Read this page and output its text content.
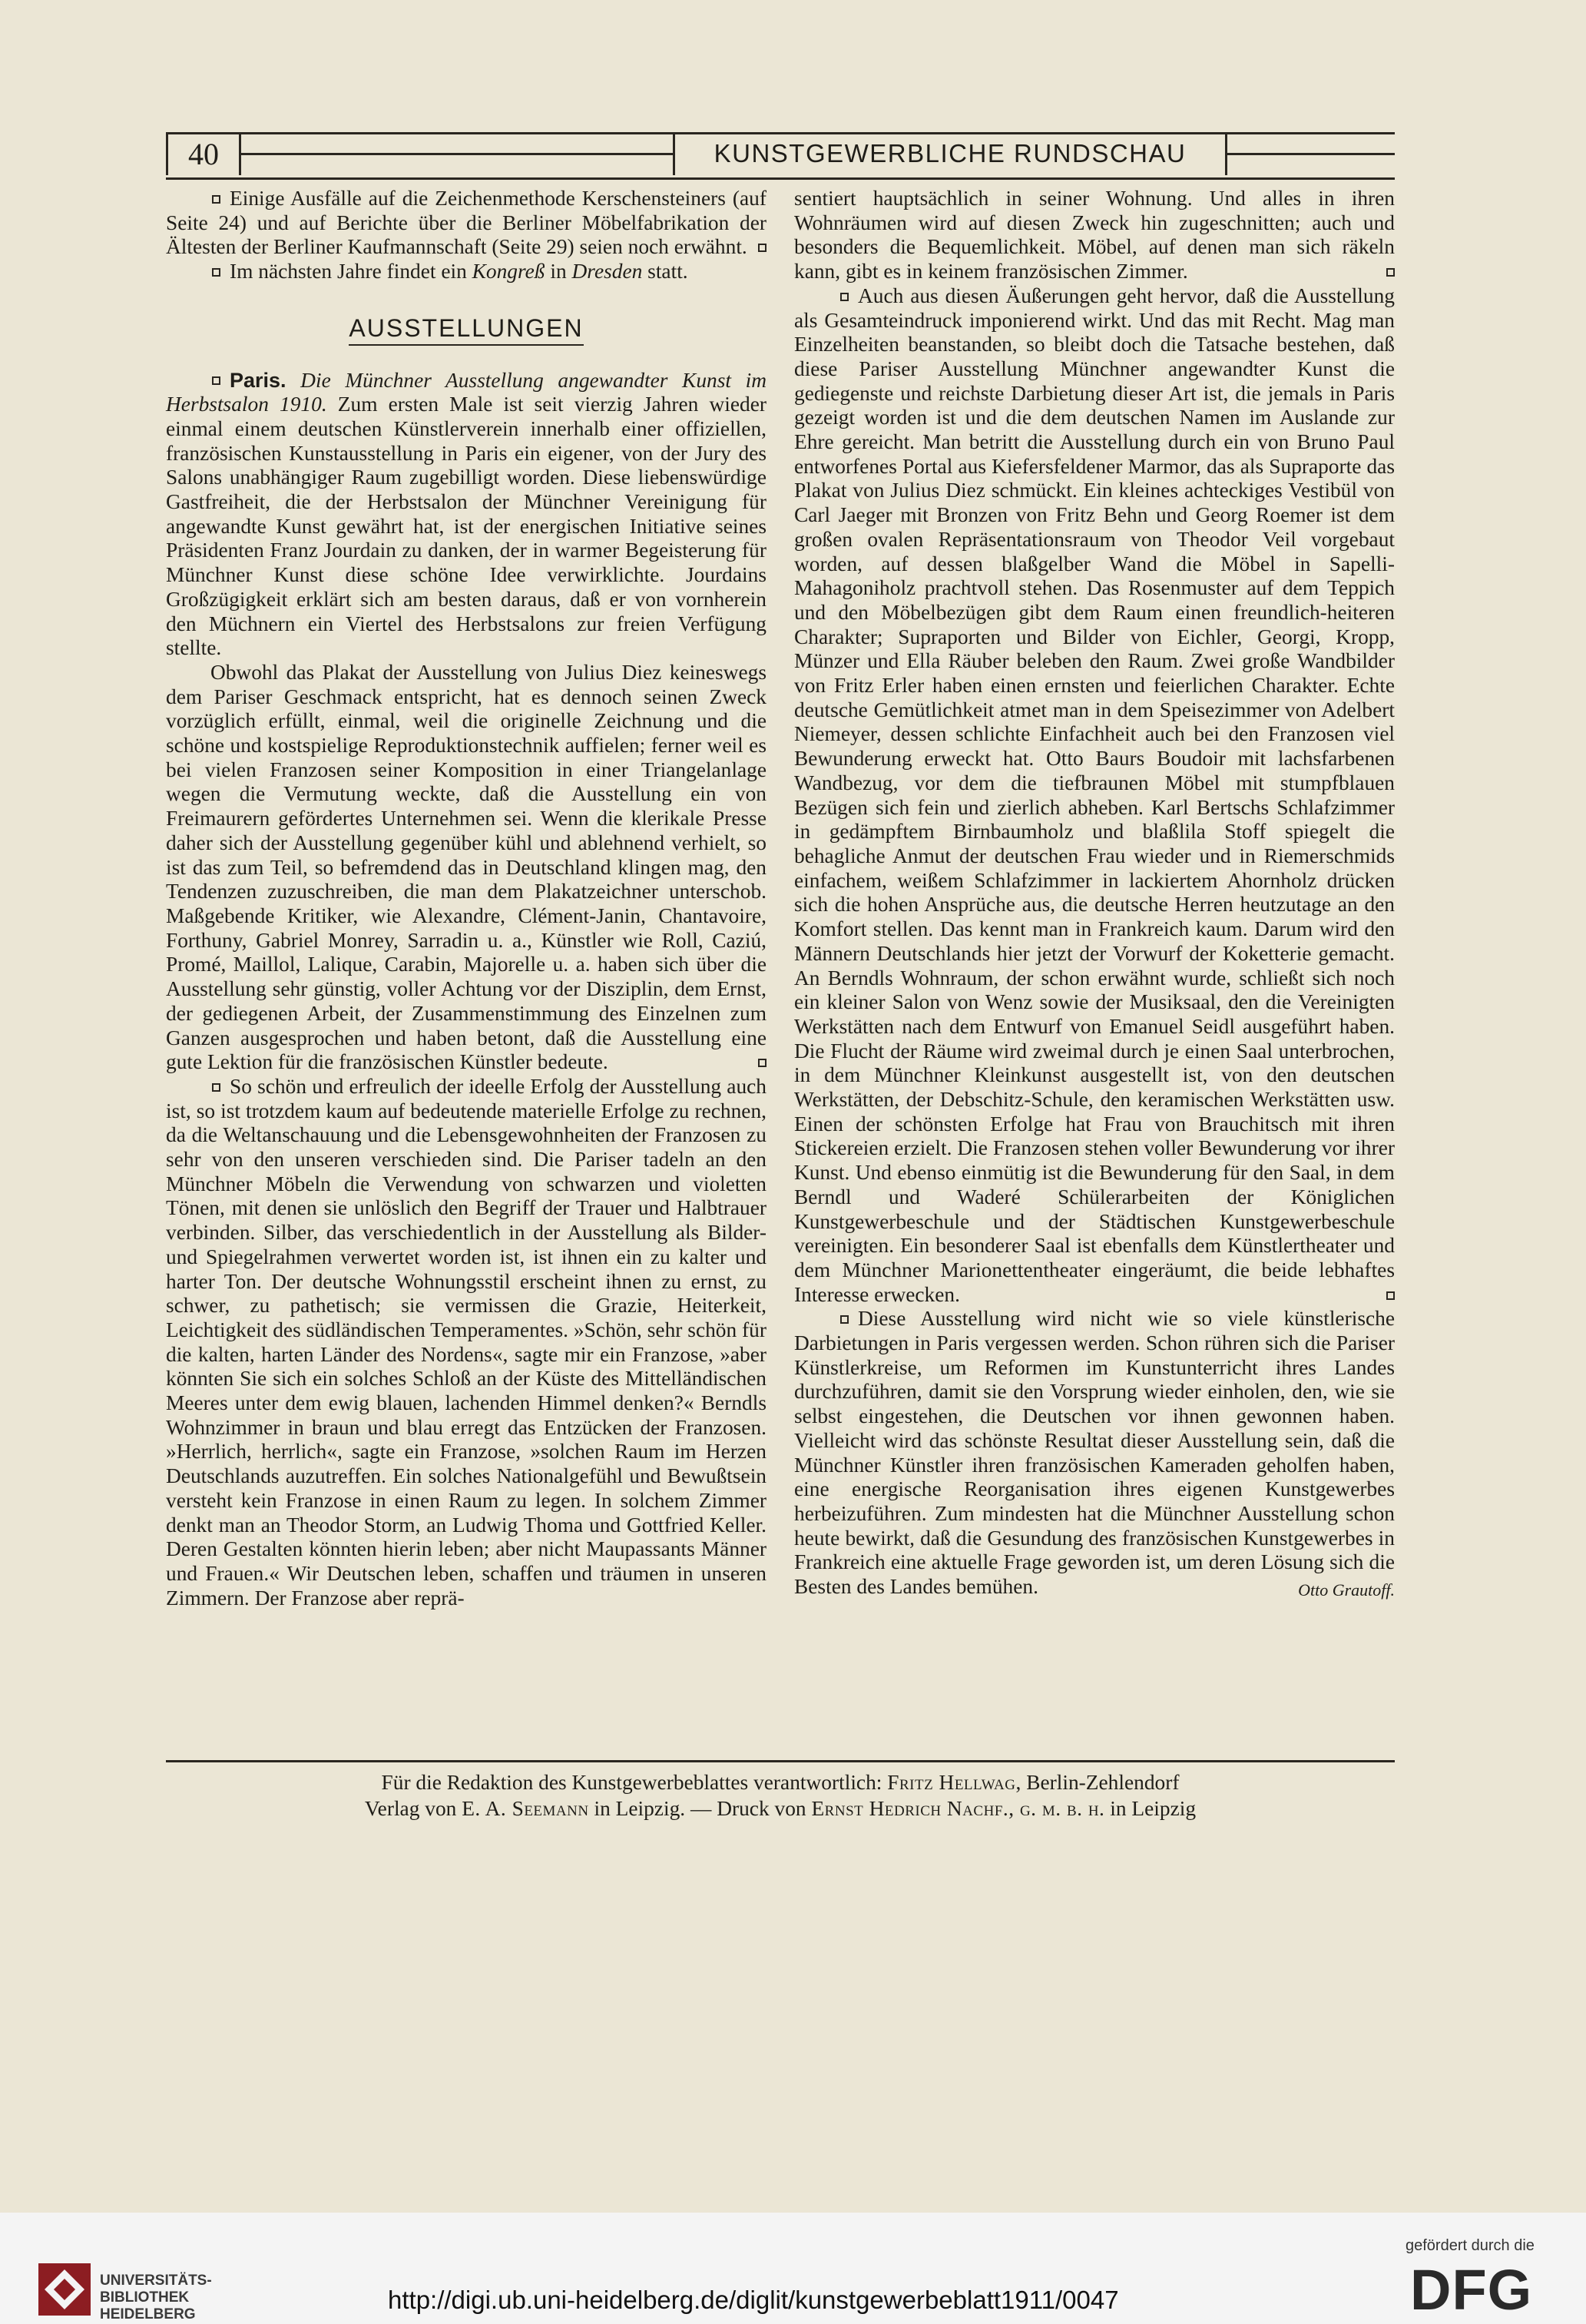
40	KUNSTGEWERBLICHE RUNDSCHAU

Einige Ausfälle auf die Zeichenmethode Kerschensteiners (auf Seite 24) und auf Berichte über die Berliner Möbelfabrikation der Ältesten der Berliner Kaufmannschaft (Seite 29) seien noch erwähnt.

Im nächsten Jahre findet ein Kongreß in Dresden statt.

AUSSTELLUNGEN

Paris. Die Münchner Ausstellung angewandter Kunst im Herbstsalon 1910. Zum ersten Male ist seit vierzig Jahren wieder einmal einem deutschen Künstlerverein innerhalb einer offiziellen, französischen Kunstausstellung in Paris ein eigener, von der Jury des Salons unabhängiger Raum zugebilligt worden. Diese liebenswürdige Gastfreiheit, die der Herbstsalon der Münchner Vereinigung für angewandte Kunst gewährt hat, ist der energischen Initiative seines Präsidenten Franz Jourdain zu danken, der in warmer Begeisterung für Münchner Kunst diese schöne Idee verwirklichte. Jourdains Großzügigkeit erklärt sich am besten daraus, daß er von vornherein den Müchnern ein Viertel des Herbstsalons zur freien Verfügung stellte.

Obwohl das Plakat der Ausstellung von Julius Diez keineswegs dem Pariser Geschmack entspricht, hat es dennoch seinen Zweck vorzüglich erfüllt, einmal, weil die originelle Zeichnung und die schöne und kostspielige Reproduktionstechnik auffielen; ferner weil es bei vielen Franzosen seiner Komposition in einer Triangelanlage wegen die Vermutung weckte, daß die Ausstellung ein von Freimaurern gefördertes Unternehmen sei. Wenn die klerikale Presse daher sich der Ausstellung gegenüber kühl und ablehnend verhielt, so ist das zum Teil, so befremdend das in Deutschland klingen mag, den Tendenzen zuzuschreiben, die man dem Plakatzeichner unterschob. Maßgebende Kritiker, wie Alexandre, Clément-Janin, Chantavoire, Forthuny, Gabriel Monrey, Sarradin u. a., Künstler wie Roll, Caziú, Promé, Maillol, Lalique, Carabin, Majorelle u. a. haben sich über die Ausstellung sehr günstig, voller Achtung vor der Disziplin, dem Ernst, der gediegenen Arbeit, der Zusammenstimmung des Einzelnen zum Ganzen ausgesprochen und haben betont, daß die Ausstellung eine gute Lektion für die französischen Künstler bedeute.

So schön und erfreulich der ideelle Erfolg der Ausstellung auch ist, so ist trotzdem kaum auf bedeutende materielle Erfolge zu rechnen, da die Weltanschauung und die Lebensgewohnheiten der Franzosen zu sehr von den unseren verschieden sind. Die Pariser tadeln an den Münchner Möbeln die Verwendung von schwarzen und violetten Tönen, mit denen sie unlöslich den Begriff der Trauer und Halbtrauer verbinden. Silber, das verschiedentlich in der Ausstellung als Bilder- und Spiegelrahmen verwertet worden ist, ist ihnen ein zu kalter und harter Ton. Der deutsche Wohnungsstil erscheint ihnen zu ernst, zu schwer, zu pathetisch; sie vermissen die Grazie, Heiterkeit, Leichtigkeit des südländischen Temperamentes. »Schön, sehr schön für die kalten, harten Länder des Nordens«, sagte mir ein Franzose, »aber könnten Sie sich ein solches Schloß an der Küste des Mittelländischen Meeres unter dem ewig blauen, lachenden Himmel denken?« Berndls Wohnzimmer in braun und blau erregt das Entzücken der Franzosen. »Herrlich, herrlich«, sagte ein Franzose, »solchen Raum im Herzen Deutschlands auzutreffen. Ein solches Nationalgefühl und Bewußtsein versteht kein Franzose in einen Raum zu legen. In solchem Zimmer denkt man an Theodor Storm, an Ludwig Thoma und Gottfried Keller. Deren Gestalten könnten hierin leben; aber nicht Maupassants Männer und Frauen.« Wir Deutschen leben, schaffen und träumen in unseren Zimmern. Der Franzose aber reprä-

sentiert hauptsächlich in seiner Wohnung. Und alles in ihren Wohnräumen wird auf diesen Zweck hin zugeschnitten; auch und besonders die Bequemlichkeit. Möbel, auf denen man sich räkeln kann, gibt es in keinem französischen Zimmer.

Auch aus diesen Äußerungen geht hervor, daß die Ausstellung als Gesamteindruck imponierend wirkt. Und das mit Recht. Mag man Einzelheiten beanstanden, so bleibt doch die Tatsache bestehen, daß diese Pariser Ausstellung Münchner angewandter Kunst die gediegenste und reichste Darbietung dieser Art ist, die jemals in Paris gezeigt worden ist und die dem deutschen Namen im Auslande zur Ehre gereicht. Man betritt die Ausstellung durch ein von Bruno Paul entworfenes Portal aus Kiefersfeldener Marmor, das als Supraporte das Plakat von Julius Diez schmückt. Ein kleines achteckiges Vestibül von Carl Jaeger mit Bronzen von Fritz Behn und Georg Roemer ist dem großen ovalen Repräsentationsraum von Theodor Veil vorgebaut worden, auf dessen blaßgelber Wand die Möbel in Sapelli-Mahagoniholz prachtvoll stehen. Das Rosenmuster auf dem Teppich und den Möbelbezügen gibt dem Raum einen freundlich-heiteren Charakter; Supraporten und Bilder von Eichler, Georgi, Kropp, Münzer und Ella Räuber beleben den Raum. Zwei große Wandbilder von Fritz Erler haben einen ernsten und feierlichen Charakter. Echte deutsche Gemütlichkeit atmet man in dem Speisezimmer von Adelbert Niemeyer, dessen schlichte Einfachheit auch bei den Franzosen viel Bewunderung erweckt hat. Otto Baurs Boudoir mit lachsfarbenen Wandbezug, vor dem die tiefbraunen Möbel mit stumpfblauen Bezügen sich fein und zierlich abheben. Karl Bertschs Schlafzimmer in gedämpftem Birnbaumholz und blaßlila Stoff spiegelt die behagliche Anmut der deutschen Frau wieder und in Riemerschmids einfachem, weißem Schlafzimmer in lackiertem Ahornholz drücken sich die hohen Ansprüche aus, die deutsche Herren heutzutage an den Komfort stellen. Das kennt man in Frankreich kaum. Darum wird den Männern Deutschlands hier jetzt der Vorwurf der Koketterie gemacht. An Berndls Wohnraum, der schon erwähnt wurde, schließt sich noch ein kleiner Salon von Wenz sowie der Musiksaal, den die Vereinigten Werkstätten nach dem Entwurf von Emanuel Seidl ausgeführt haben. Die Flucht der Räume wird zweimal durch je einen Saal unterbrochen, in dem Münchner Kleinkunst ausgestellt ist, von den deutschen Werkstätten, der Debschitz-Schule, den keramischen Werkstätten usw. Einen der schönsten Erfolge hat Frau von Brauchitsch mit ihren Stickereien erzielt. Die Franzosen stehen voller Bewunderung vor ihrer Kunst. Und ebenso einmütig ist die Bewunderung für den Saal, in dem Berndl und Waderé Schülerarbeiten der Königlichen Kunstgewerbeschule und der Städtischen Kunstgewerbeschule vereinigten. Ein besonderer Saal ist ebenfalls dem Künstlertheater und dem Münchner Marionettentheater eingeräumt, die beide lebhaftes Interesse erwecken.

Diese Ausstellung wird nicht wie so viele künstlerische Darbietungen in Paris vergessen werden. Schon rühren sich die Pariser Künstlerkreise, um Reformen im Kunstunterricht ihres Landes durchzuführen, damit sie den Vorsprung wieder einholen, den, wie sie selbst eingestehen, die Deutschen vor ihnen gewonnen haben. Vielleicht wird das schönste Resultat dieser Ausstellung sein, daß die Münchner Künstler ihren französischen Kameraden geholfen haben, eine energische Reorganisation ihres eigenen Kunstgewerbes herbeizuführen. Zum mindesten hat die Münchner Ausstellung schon heute bewirkt, daß die Gesundung des französischen Kunstgewerbes in Frankreich eine aktuelle Frage geworden ist, um deren Lösung sich die Besten des Landes bemühen.	Otto Grautoff.

Für die Redaktion des Kunstgewerbeblattes verantwortlich: Fritz Hellwag, Berlin-Zehlendorf
Verlag von E. A. Seemann in Leipzig. — Druck von Ernst Hedrich Nachf., g. m. b. h. in Leipzig
UNIVERSITÄTS-
BIBLIOTHEK
HEIDELBERG
http://digi.ub.uni-heidelberg.de/diglit/kunstgewerbeblatt1911/0047
gefördert durch die
DFG
